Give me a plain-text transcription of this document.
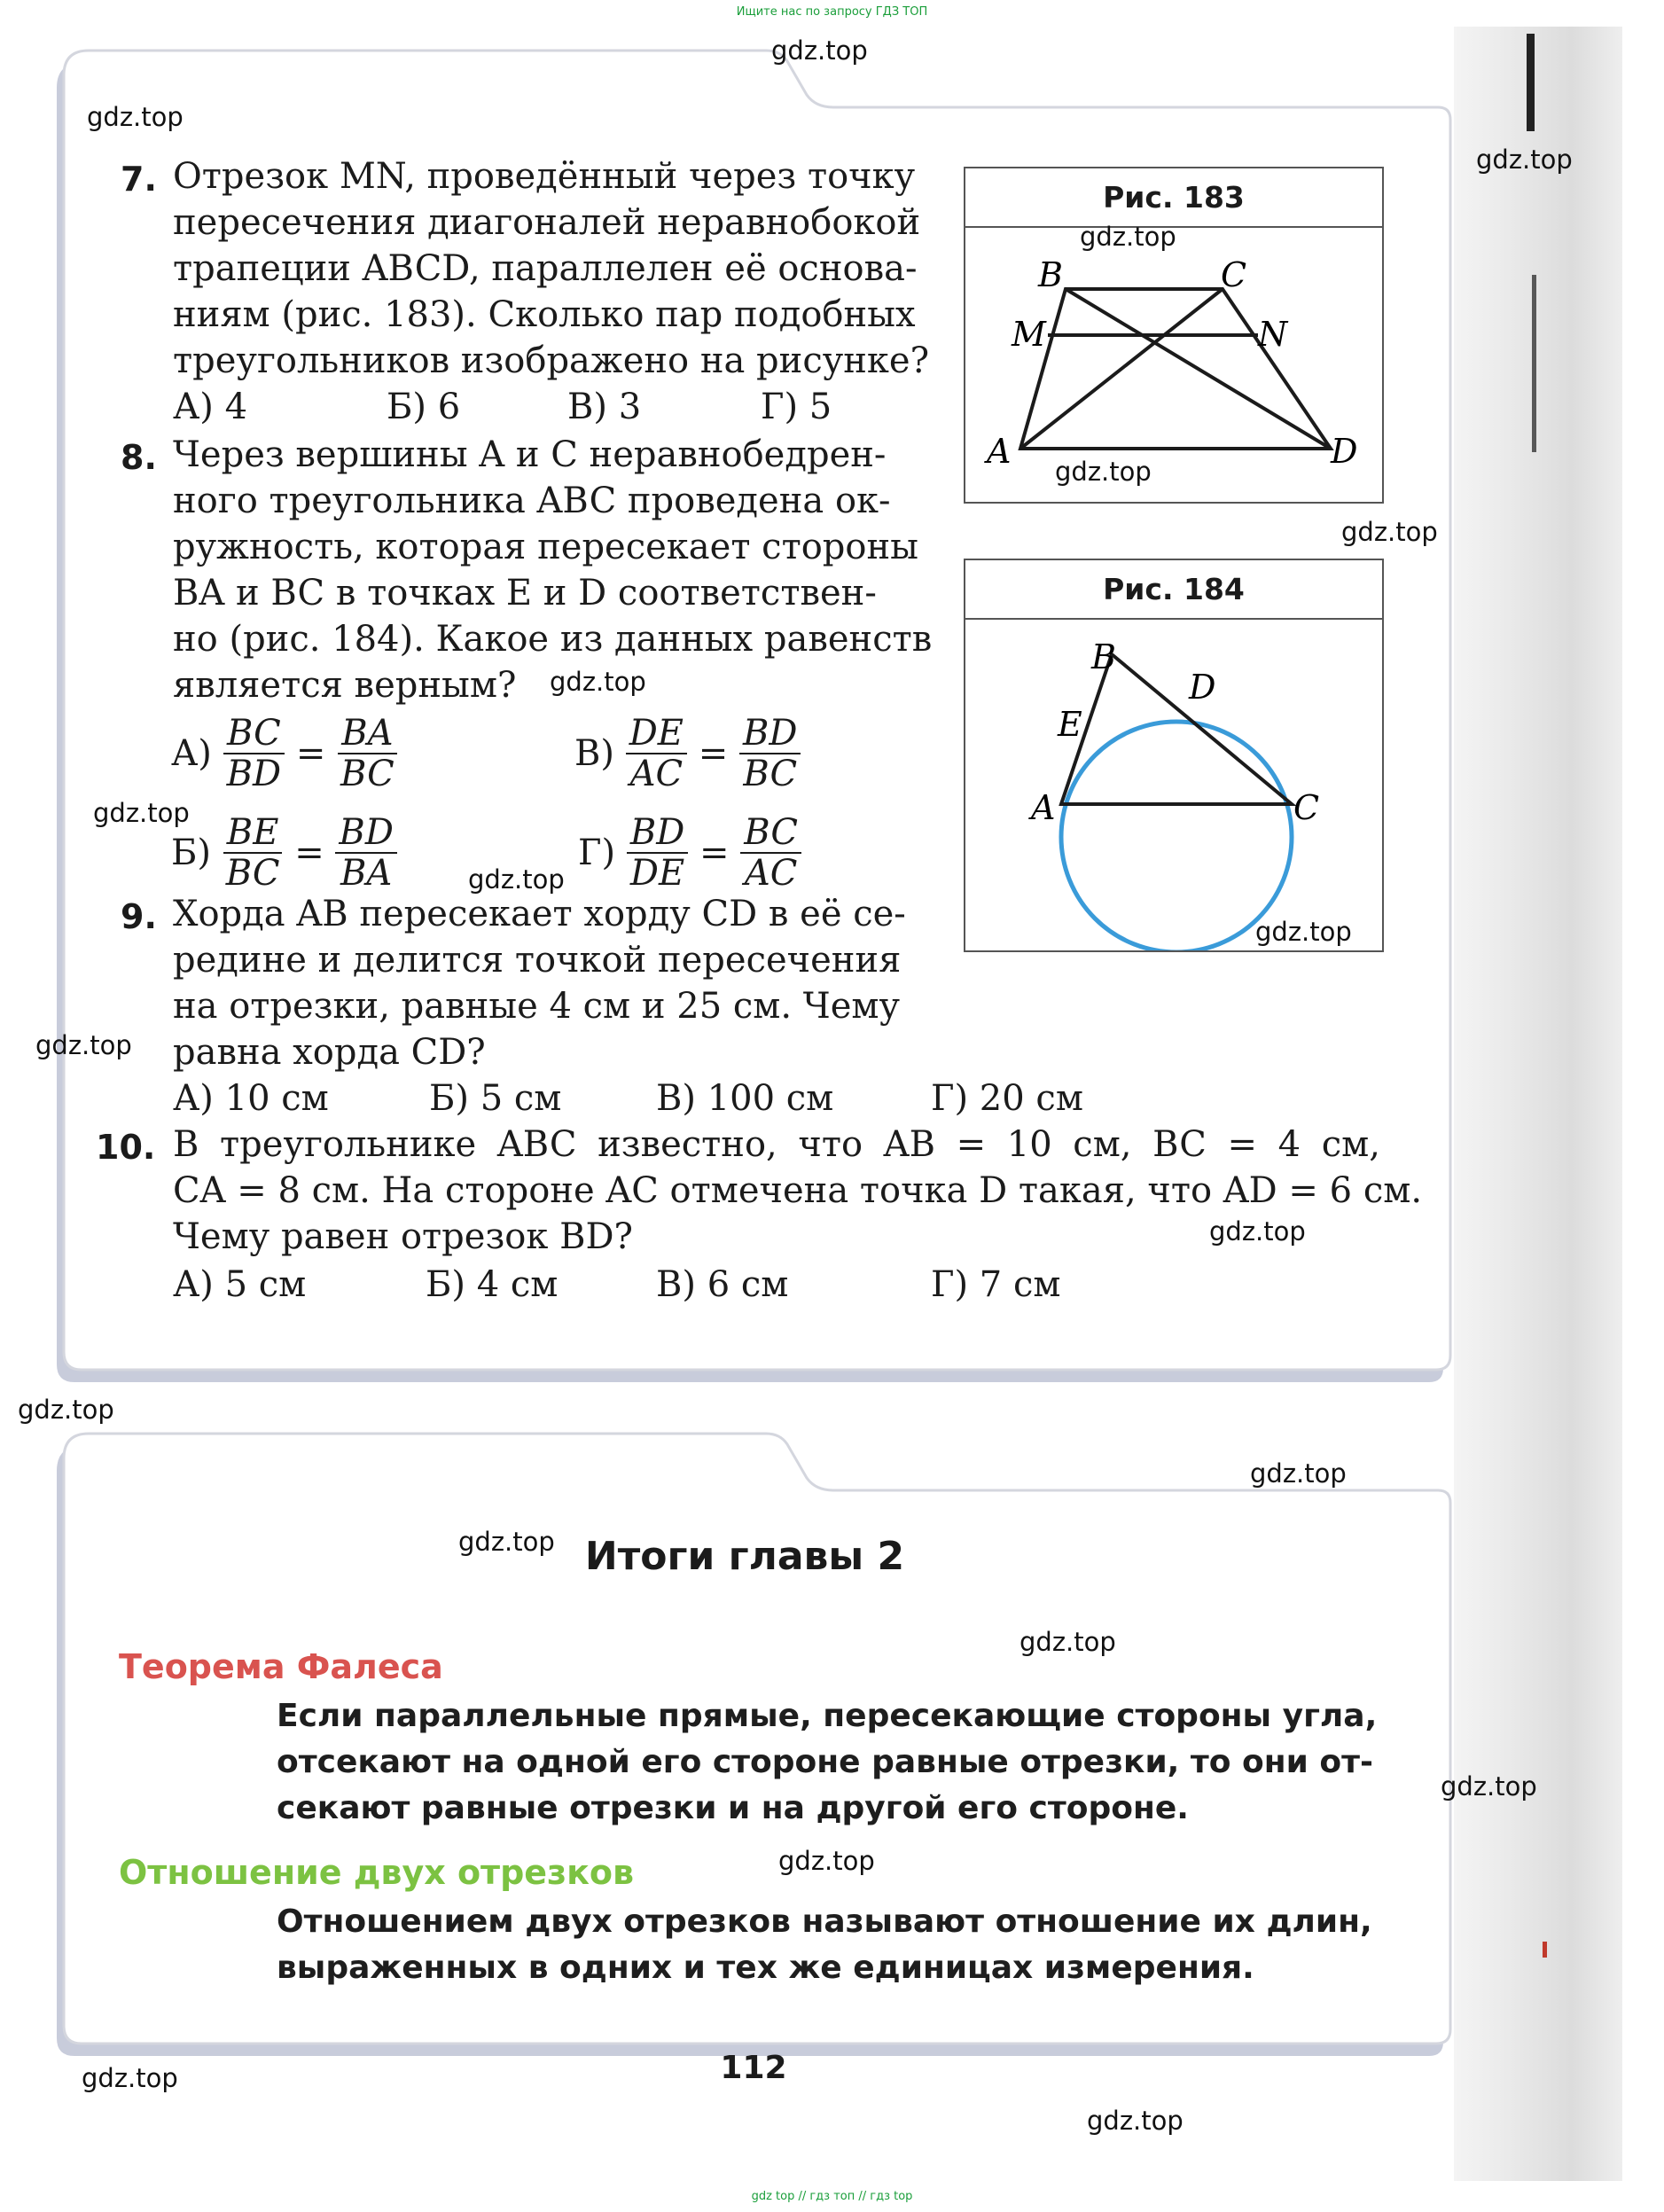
Ищите нас по запросу ГДЗ ТОП
7. Отрезок MN, проведённый через точку
пересечения диагоналей неравнобокой
трапеции ABCD, параллелен её основа-
ниям (рис. 183). Сколько пар подобных
треугольников изображено на рисунке?
А) 4	Б) 6	В) 3	Г) 5
8. Через вершины A и C неравнобедрен-
ного треугольника ABC проведена ок-
ружность, которая пересекает стороны
BA и BC в точках E и D соответствен-
но (рис. 184). Какое из данных равенств
является верным?
А)
$\frac{BC}{BD}$
=
$\frac{BA}{BC}$	В)
$\frac{DE}{AC}$
=
$\frac{BD}{BC}$
Б)
$\frac{BE}{BC}$
=
$\frac{BD}{BA}$	Г)
$\frac{BD}{DE}$
=
$\frac{BC}{AC}$
9. Хорда AB пересекает хорду CD в её се-
редине и делится точкой пересечения
на отрезки, равные 4 см и 25 см. Чему
равна хорда CD?
А) 10 см	Б) 5 см	В) 100 см	Г) 20 см
10. В треугольнике ABC известно, что AB = 10 см, BC = 4 см,
CA = 8 см. На стороне AC отмечена точка D такая, что AD = 6 см.
Чему равен отрезок BD?
А) 5 см	Б) 4 см	В) 6 см	Г) 7 см
Рис. 183
B	C
M	N
A	D
Рис. 184
B
D
E
A	C
Итоги главы 2
Теорема Фалеса
Если параллельные прямые, пересекающие стороны угла,
отсекают на одной его стороне равные отрезки, то они от-
секают равные отрезки и на другой его стороне.
Отношение двух отрезков
Отношением двух отрезков называют отношение их длин,
выраженных в одних и тех же единицах измерения.
112
gdz.top
gdz.top
gdz.top
gdz.top
gdz.top
gdz.top
gdz.top
gdz.top
gdz.top
gdz.top
gdz.top
gdz.top
gdz.top
gdz.top
gdz.top
gdz.top
gdz.top
gdz.top
gdz.top
gdz.top
gdz top // гдз топ // гдз top
